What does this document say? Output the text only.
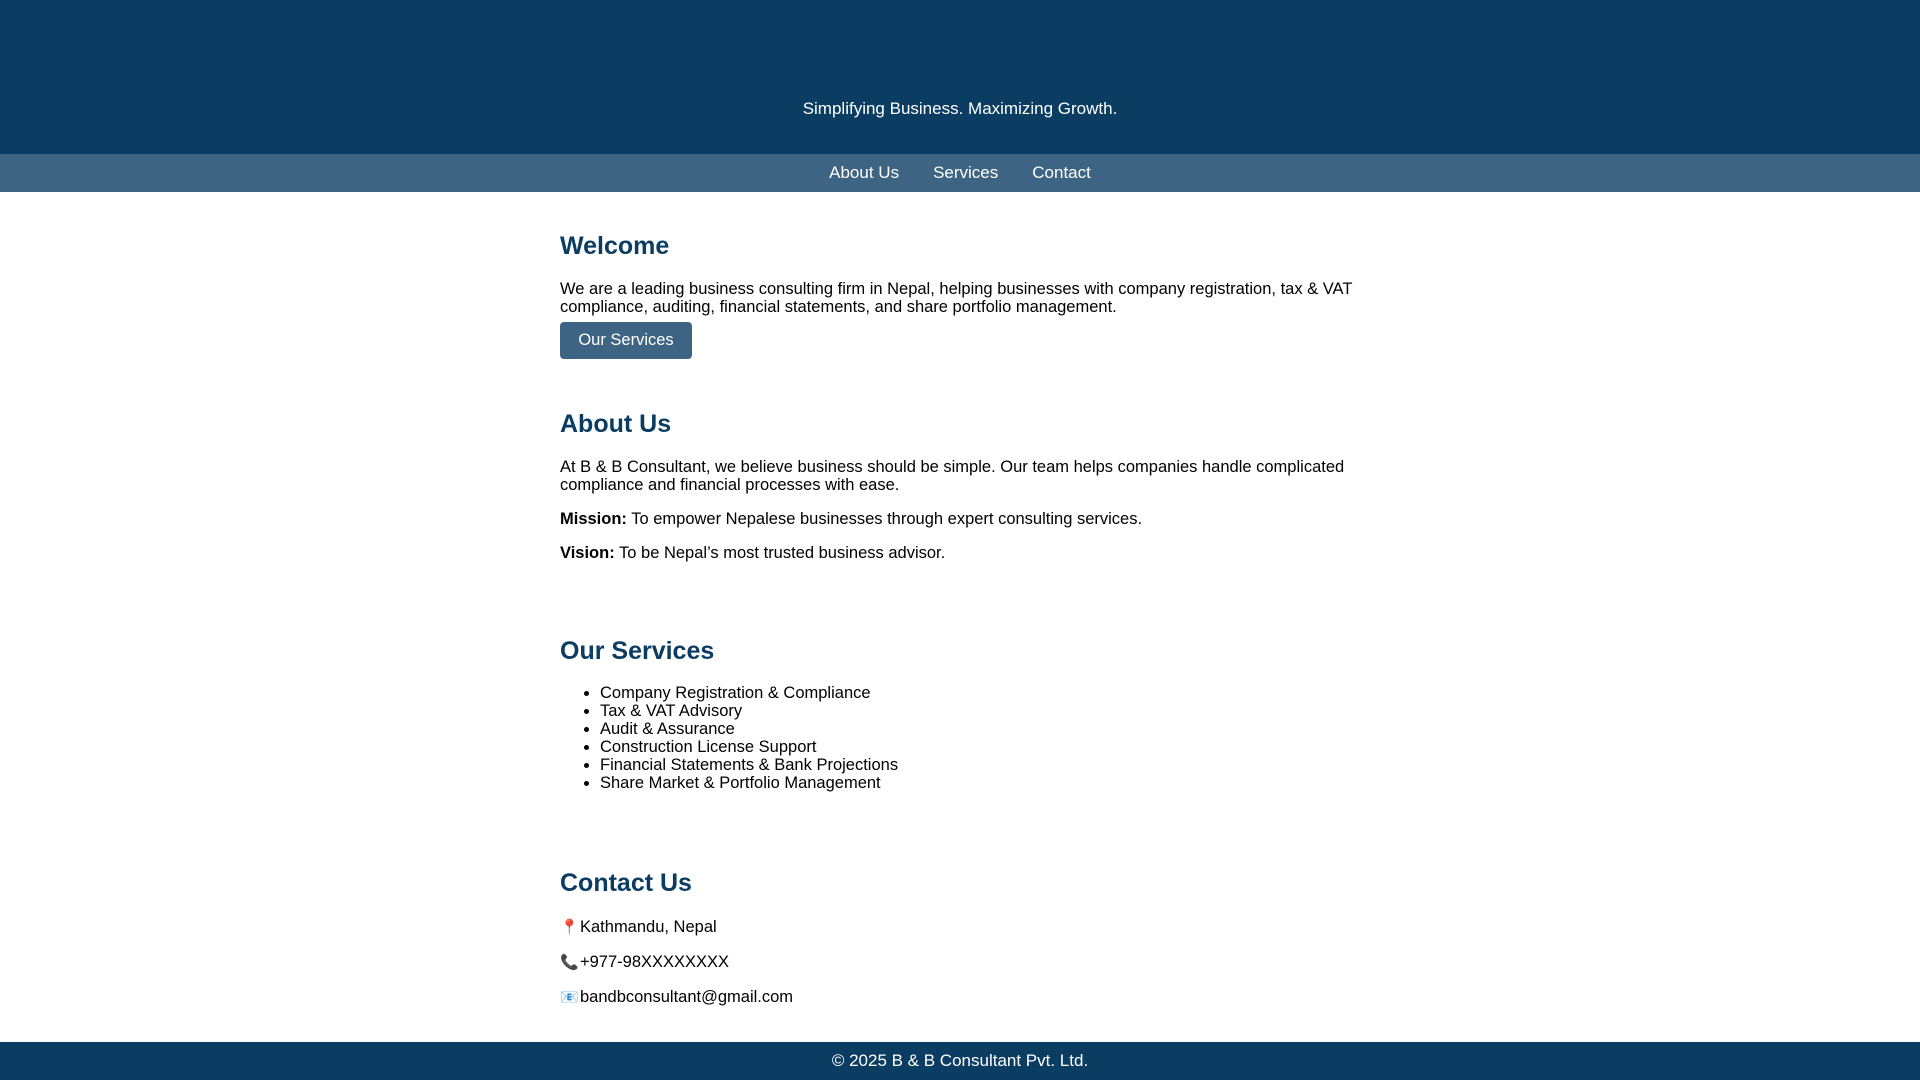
Simplifying Business. Maximizing Growth.
About Us Services Contact
Welcome

We are a leading business consulting firm in Nepal, helping businesses with company registration, tax & VAT compliance, auditing, financial statements, and share portfolio management.

Our Services
About Us

At B & B Consultant, we believe business should be simple. Our team helps companies handle complicated compliance and financial processes with ease.

Mission: To empower Nepalese businesses through expert consulting services.

Vision: To be Nepal’s most trusted business advisor.

Our Services
• Company Registration & Compliance
• Tax & VAT Advisory
• Audit & Assurance
• Construction License Support
• Financial Statements & Bank Projections
• Share Market & Portfolio Management
Contact Us
📍Kathmandu, Nepal
📞+977-98XXXXXXXX
📧bandbconsultant@gmail.com
© 2025 B & B Consultant Pvt. Ltd.
